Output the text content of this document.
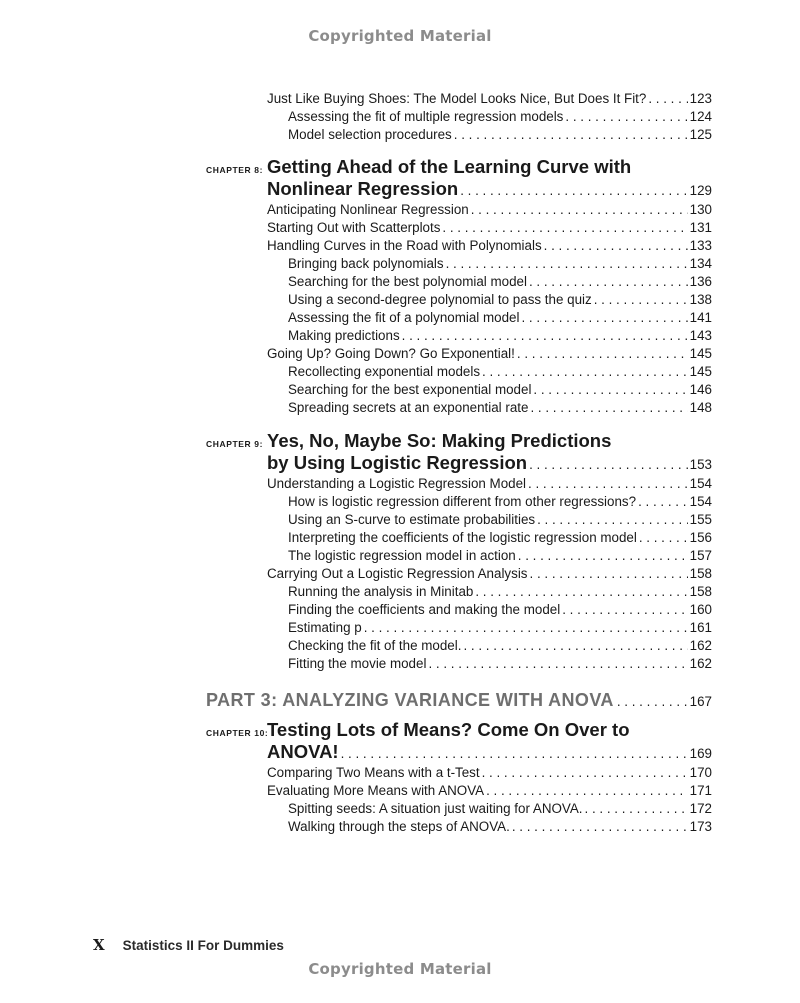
Copyrighted Material
Just Like Buying Shoes: The Model Looks Nice, But Does It Fit? . . .	123
Assessing the fit of multiple regression models . . .	124
Model selection procedures . . .	125
CHAPTER 8: Getting Ahead of the Learning Curve with
Nonlinear Regression . . .	129
Anticipating Nonlinear Regression . . .	130
Starting Out with Scatterplots . . .	131
Handling Curves in the Road with Polynomials . . .	133
Bringing back polynomials . . .	134
Searching for the best polynomial model . . .	136
Using a second-degree polynomial to pass the quiz . . .	138
Assessing the fit of a polynomial model . . .	141
Making predictions . . .	143
Going Up? Going Down? Go Exponential! . . .	145
Recollecting exponential models . . .	145
Searching for the best exponential model . . .	146
Spreading secrets at an exponential rate . . .	148
CHAPTER 9: Yes, No, Maybe So: Making Predictions
by Using Logistic Regression . . .	153
Understanding a Logistic Regression Model . . .	154
How is logistic regression different from other regressions? . . .	154
Using an S-curve to estimate probabilities . . .	155
Interpreting the coefficients of the logistic regression model . . .	156
The logistic regression model in action . . .	157
Carrying Out a Logistic Regression Analysis . . .	158
Running the analysis in Minitab . . .	158
Finding the coefficients and making the model . . .	160
Estimating p . . .	161
Checking the fit of the model. . . .	162
Fitting the movie model . . .	162
PART 3: ANALYZING VARIANCE WITH ANOVA . . .	167
CHAPTER 10:
Testing Lots of Means? Come On Over to
ANOVA! . . .	169
Comparing Two Means with a t-Test . . .	170
Evaluating More Means with ANOVA . . .	171
Spitting seeds: A situation just waiting for ANOVA. . . .	172
Walking through the steps of ANOVA. . . .	173
X Statistics II For Dummies
Copyrighted Material
